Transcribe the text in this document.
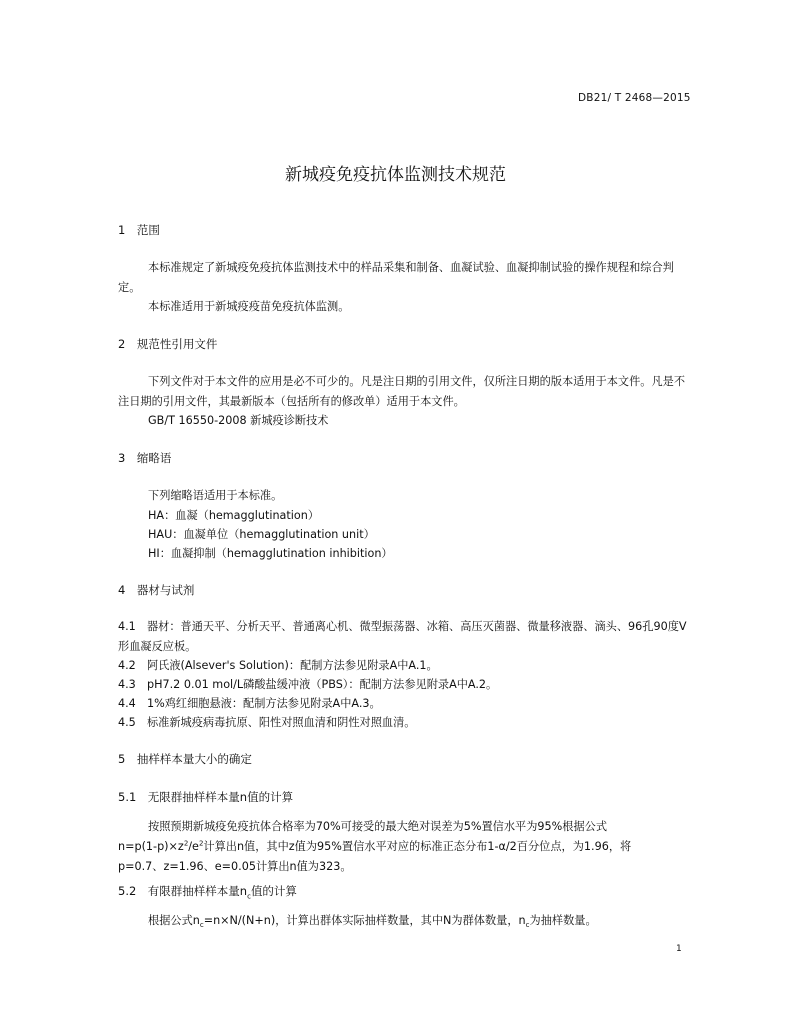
DB21/ T 2468—2015
新城疫免疫抗体监测技术规范
1　范围
本标准规定了新城疫免疫抗体监测技术中的样品采集和制备、血凝试验、血凝抑制试验的操作规程和综合判定。
本标准适用于新城疫疫苗免疫抗体监测。
2　规范性引用文件
下列文件对于本文件的应用是必不可少的。凡是注日期的引用文件，仅所注日期的版本适用于本文件。凡是不注日期的引用文件，其最新版本（包括所有的修改单）适用于本文件。
GB/T 16550-2008 新城疫诊断技术
3　缩略语
下列缩略语适用于本标准。
HA：血凝（hemagglutination）
HAU：血凝单位（hemagglutination unit）
HI：血凝抑制（hemagglutination inhibition）
4　器材与试剂
4.1　器材：普通天平、分析天平、普通离心机、微型振荡器、冰箱、高压灭菌器、微量移液器、滴头、96孔90度V形血凝反应板。
4.2　阿氏液(Alsever's Solution)：配制方法参见附录A中A.1。
4.3　pH7.2 0.01 mol/L磷酸盐缓冲液（PBS）：配制方法参见附录A中A.2。
4.4　1%鸡红细胞悬液：配制方法参见附录A中A.3。
4.5　标准新城疫病毒抗原、阳性对照血清和阴性对照血清。
5　抽样样本量大小的确定
5.1　无限群抽样样本量n值的计算
按照预期新城疫免疫抗体合格率为70%可接受的最大绝对误差为5%置信水平为95%根据公式
$n=p(1-p)\times z^2/e^2$计算出n值，其中z值为95%置信水平对应的标准正态分布1-α/2百分位点，为1.96，将
p=0.7、z=1.96、e=0.05计算出n值为323。
5.2　有限群抽样样本量$n_c$值的计算
根据公式$n_c=n\times N/(N+n)$，计算出群体实际抽样数量，其中N为群体数量，$n_c$为抽样数量。
1
